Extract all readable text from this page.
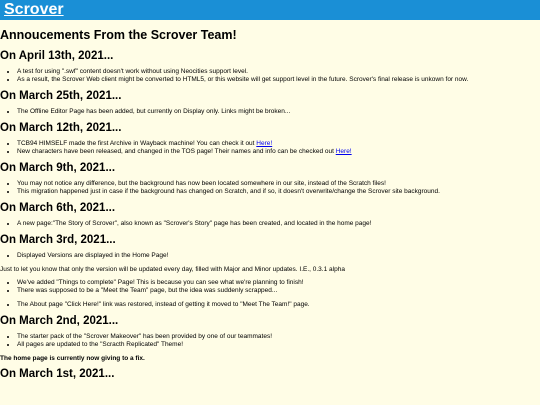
Scrover
Annoucements From the Scrover Team!
On April 13th, 2021...
• A test for using ".swf" content doesn't work without using Neocities support level.
• As a result, the Scrover Web client might be converted to HTML5, or this website will get support level in the future. Scrover's final release is unkown for now.
On March 25th, 2021...
• The Offline Editor Page has been added, but currently on Display only. Links might be broken...
On March 12th, 2021...
• TCB94 HIMSELF made the first Archive in Wayback machine! You can check it out Here!
• New characters have been released, and changed in the TOS page! Their names and info can be checked out Here!
On March 9th, 2021...
• You may not notice any difference, but the background has now been located somewhere in our site, instead of the Scratch files!
• This migration happened just in case if the background has changed on Scratch, and if so, it doesn't overwrite/change the Scrover site background.
On March 6th, 2021...
• A new page:"The Story of Scrover", also known as "Scrover's Story" page has been created, and located in the home page!
On March 3rd, 2021...
• Displayed Versions are displayed in the Home Page!

Just to let you know that only the version will be updated every day, filled with Major and Minor updates. I.E., 0.3.1 alpha

• We've added "Things to complete" Page! This is because you can see what we're planning to finish!
• There was supposed to be a "Meet the Team" page, but the idea was suddenly scrapped...
• The About page "Click Here!" link was restored, instead of getting it moved to "Meet The Team!" page.
On March 2nd, 2021...
• The starter pack of the "Scrover Makeover" has been provided by one of our teammates!
• All pages are updated to the "Scracth Replicated" Theme!

The home page is currently now giving to a fix.

On March 1st, 2021...
